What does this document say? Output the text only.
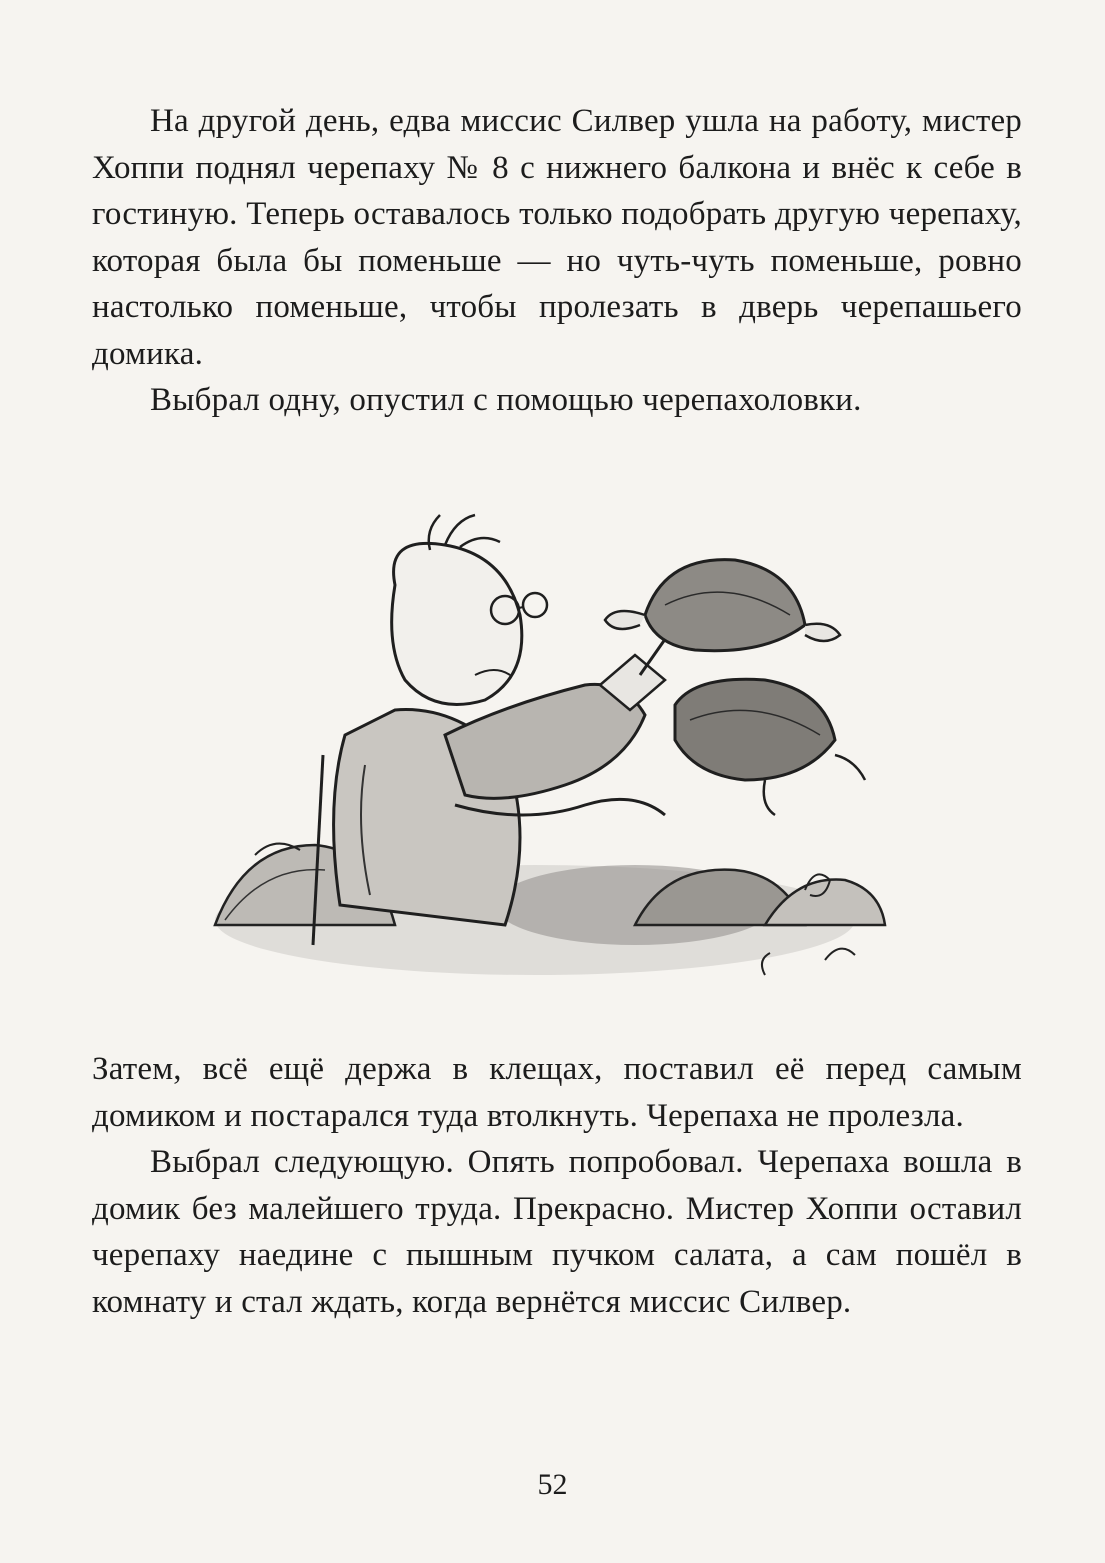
На другой день, едва миссис Силвер ушла на работу, мистер Хоппи поднял черепаху № 8 с нижнего балкона и внёс к себе в гостиную. Теперь оставалось только подобрать другую черепаху, которая была бы поменьше — но чуть-чуть поменьше, ровно настолько поменьше, чтобы пролезать в дверь черепашьего домика.

Выбрал одну, опустил с помощью черепахоловки.

Затем, всё ещё держа в клещах, поставил её перед самым домиком и постарался туда втолкнуть. Черепаха не пролезла.

Выбрал следующую. Опять попробовал. Черепаха вошла в домик без малейшего труда. Прекрасно. Мистер Хоппи оставил черепаху наедине с пышным пучком салата, а сам пошёл в комнату и стал ждать, когда вернётся миссис Силвер.

52
